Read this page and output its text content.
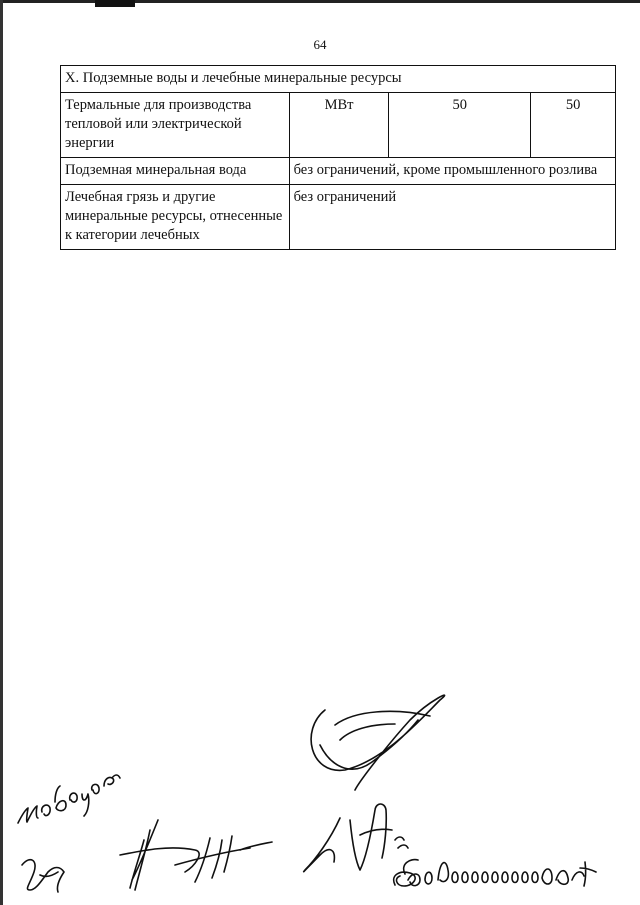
64
X. Подземные воды и лечебные минеральные ресурсы			
Термальные для производства тепловой или электрической энергии	МВт	50	50
Подземная минеральная вода	без ограничений, кроме промышленного розлива		
Лечебная грязь и другие минеральные ресурсы, отнесенные к категории лечебных	без ограничений		
